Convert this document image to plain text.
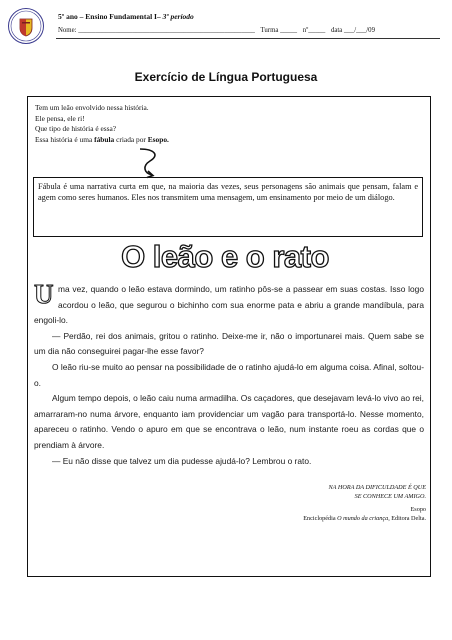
5º ano – Ensino Fundamental I– 3º período
Nome: ____________________________________________________ Turma _____ nº_____ data ___/___/09
Exercício de Língua Portuguesa
Tem um leão envolvido nessa história.
Ele pensa, ele ri!
Que tipo de história é essa?
Essa história é uma fábula criada por Esopo.
Fábula é uma narrativa curta em que, na maioria das vezes, seus personagens são animais que pensam, falam e agem como seres humanos. Eles nos transmitem uma mensagem, um ensinamento por meio de um diálogo.
O leão e o rato

Uma vez, quando o leão estava dormindo, um ratinho pôs-se a passear em suas costas. Isso logo acordou o leão, que segurou o bichinho com sua enorme pata e abriu a grande mandíbula, para engoli-lo.

— Perdão, rei dos animais, gritou o ratinho. Deixe-me ir, não o importunarei mais. Quem sabe se um dia não conseguirei pagar-lhe esse favor?

O leão riu-se muito ao pensar na possibilidade de o ratinho ajudá-lo em alguma coisa. Afinal, soltou-o.

Algum tempo depois, o leão caiu numa armadilha. Os caçadores, que desejavam levá-lo vivo ao rei, amarraram-no numa árvore, enquanto iam providenciar um vagão para transportá-lo. Nesse momento, apareceu o ratinho. Vendo o apuro em que se encontrava o leão, num instante roeu as cordas que o prendiam à árvore.

— Eu não disse que talvez um dia pudesse ajudá-lo? Lembrou o rato.

NA HORA DA DIFICULDADE É QUE
SE CONHECE UM AMIGO.
Esopo
Enciclopédia O mundo da criança, Editora Delta.
